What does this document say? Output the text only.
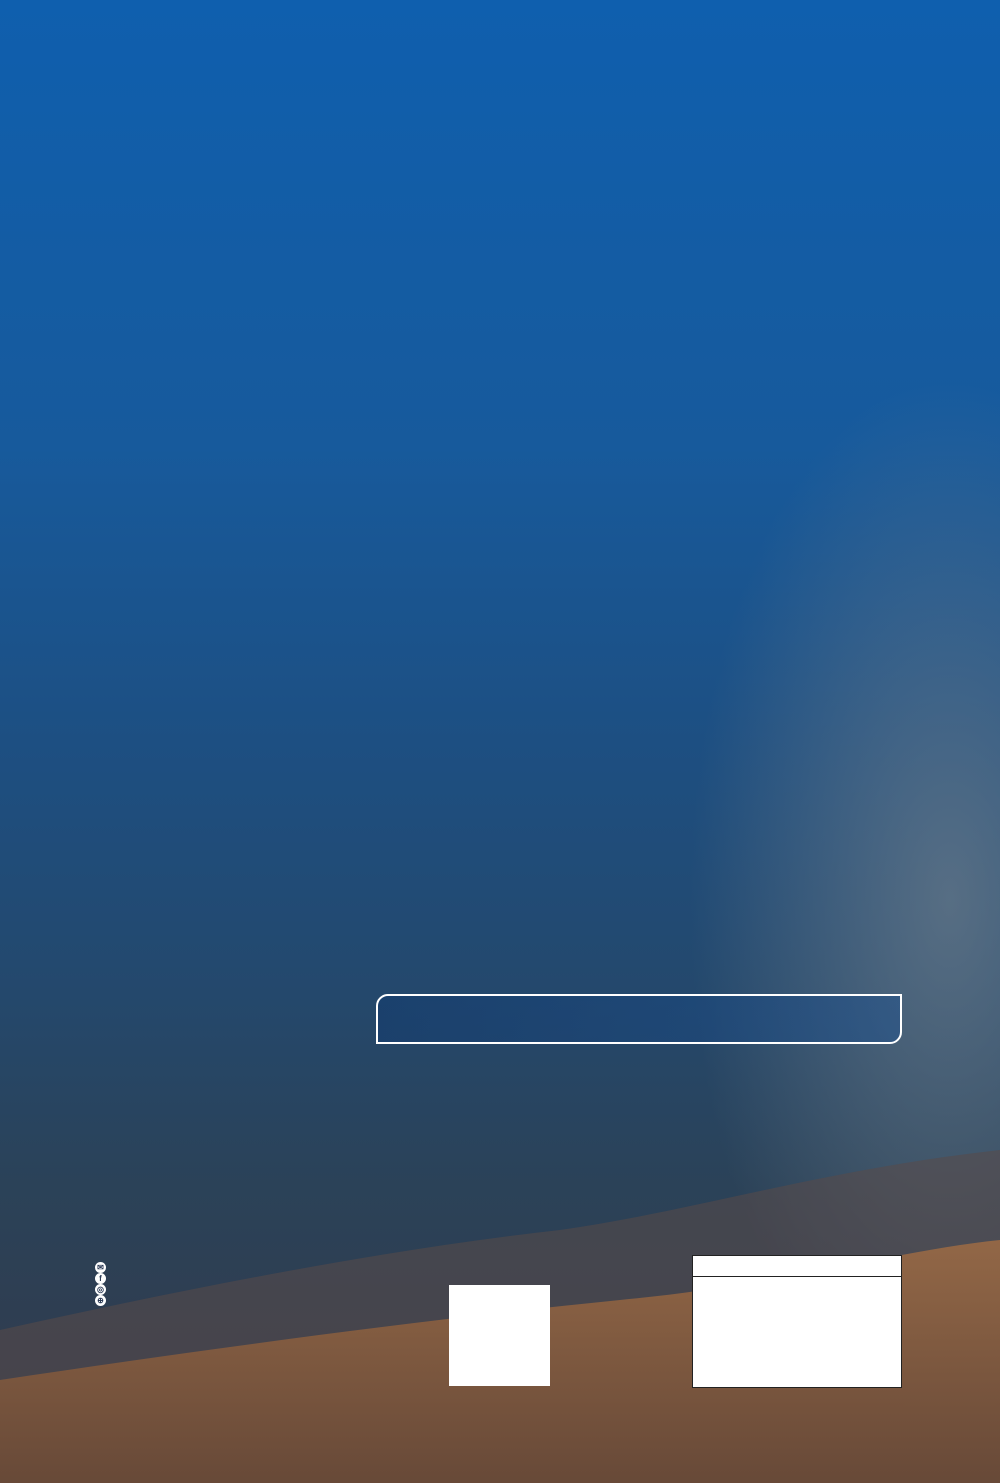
✉
f
◎
⊕
